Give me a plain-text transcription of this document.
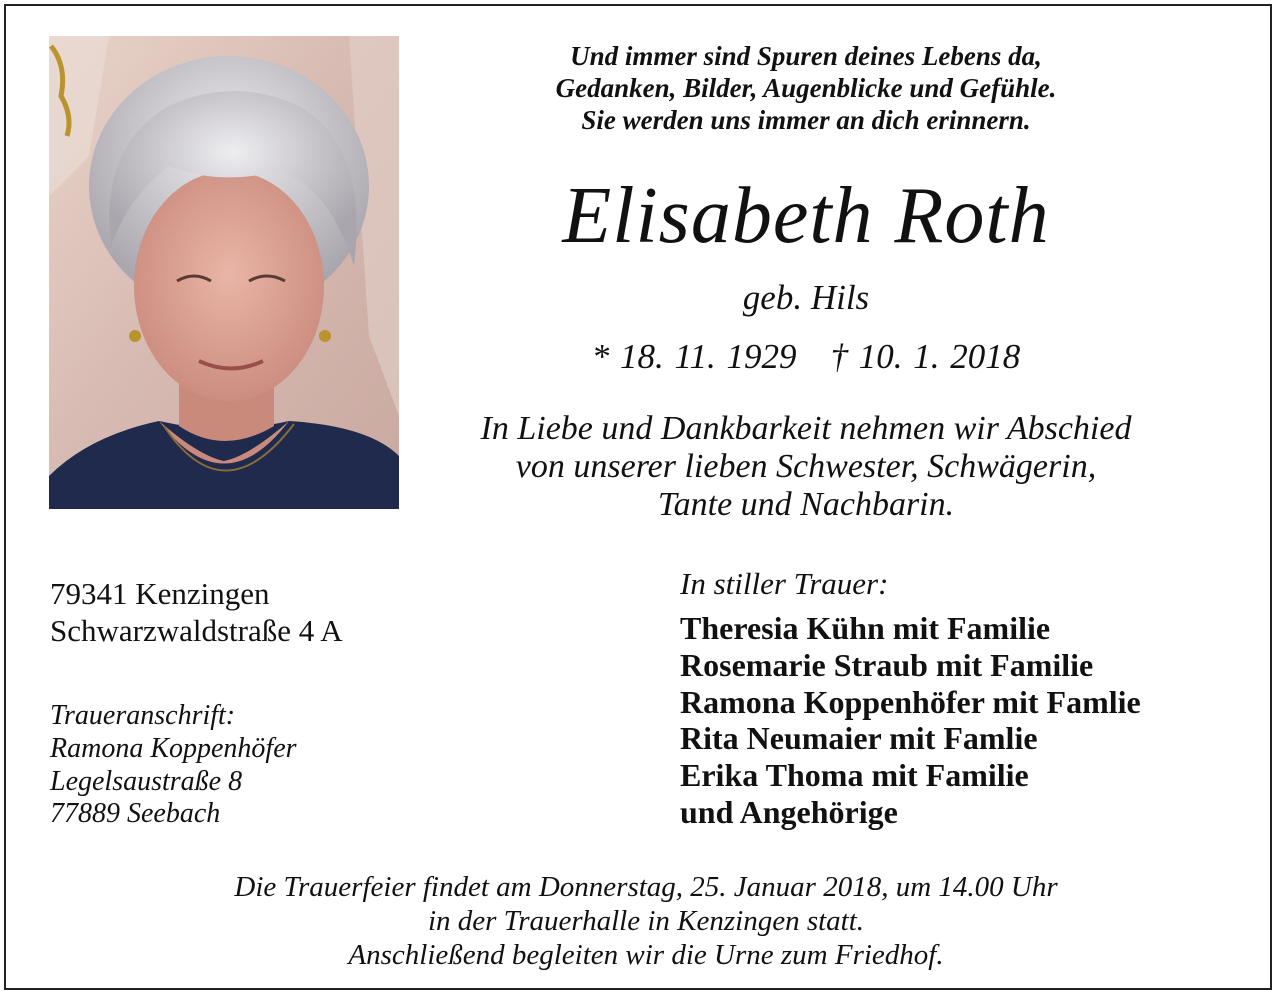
Und immer sind Spuren deines Lebens da,
Gedanken, Bilder, Augenblicke und Gefühle.
Sie werden uns immer an dich erinnern.
Elisabeth Roth
geb. Hils
* 18. 11. 1929 † 10. 1. 2018
In Liebe und Dankbarkeit nehmen wir Abschied
von unserer lieben Schwester, Schwägerin,
Tante und Nachbarin.
79341 Kenzingen
Schwarzwaldstraße 4 A
Traueranschrift:
Ramona Koppenhöfer
Legelsaustraße 8
77889 Seebach
In stiller Trauer:
Theresia Kühn mit Familie
Rosemarie Straub mit Familie
Ramona Koppenhöfer mit Famlie
Rita Neumaier mit Famlie
Erika Thoma mit Familie
und Angehörige
Die Trauerfeier findet am Donnerstag, 25. Januar 2018, um 14.00 Uhr
in der Trauerhalle in Kenzingen statt.
Anschließend begleiten wir die Urne zum Friedhof.
